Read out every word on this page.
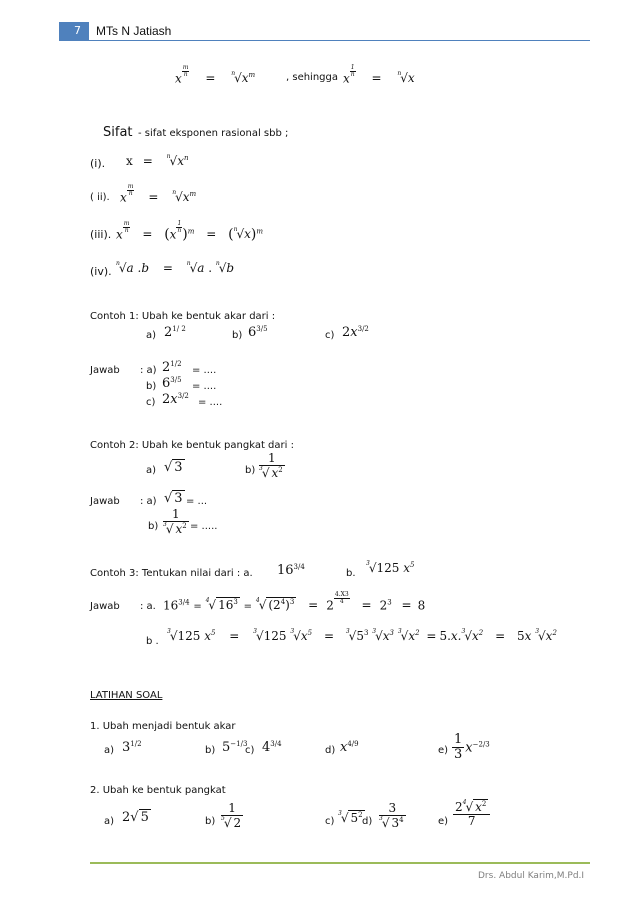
7 MTs N Jatiash
x $\frac{m}{n}$ =	$^n√x^m$	, sehingga x $\frac{1}{n}$ =	$^n$√x
Sifat - sifat eksponen rasional sbb ;
(i). $x = ^n√x^n$
( ii). x $\frac{m}{n} = ^n√x^m$
(iii). x $\frac{m}{n} = (x \frac{1}{n} )^m = (^n√x)^m$
(iv).
$^n$√a .b = $^n$√a . $^n$√b
Contoh 1: Ubah ke bentuk akar dari :
a) $2^{1/ 2}$
b) $6^{3/5}$
c) $2x^{3/2}$
Jawab : a) $2^{1/2}$
= ....
b) $6^{3/5}$
= ....
c) $2x^{3/2}$
= ....
Contoh 2: Ubah ke bentuk pangkat dari :
a) √ 3	$b) \frac{1}{^3√ x^2}$
Jawab : a) √ 3 = ...
$b) \frac{1}{^3√ x^2}$ = .....
Contoh 3: Tentukan nilai dari : a. $16^{3/4}$
b.
$^3$√125 $x^5$
Jawab : a. $16^{3/4} = ^4√$ $16^3 = ^4√$ $(2^4)^3 = 2 \frac{4.X3}{4} = 2^3 = 8$
b .
$^3$√125 $x^5 = ^3√125$ $^3√x^5 = ^3√5^3$ $^3√x^3$ $^3√x^2 = 5.x.^3√x^2 = 5x$ $^3√x^2$
LATIHAN SOAL
1. Ubah menjadi bentuk akar
a) $3^{1/2}$
b) $5^{-1/3}$
c) $4^{3/4}$
d) $x^{4/9}$
$e) \frac{1}{3} x^{-2/3}$
2. Ubah ke bentuk pangkat
a) 2√ 5	$b) \frac{1}{^5√ 2}$	c)
$^3$√ $5^2$
$d) \frac{3}{^3√ 3^4}$	$e) \frac{2^4√ x^2}{7}$
Drs. Abdul Karim,M.Pd.I
